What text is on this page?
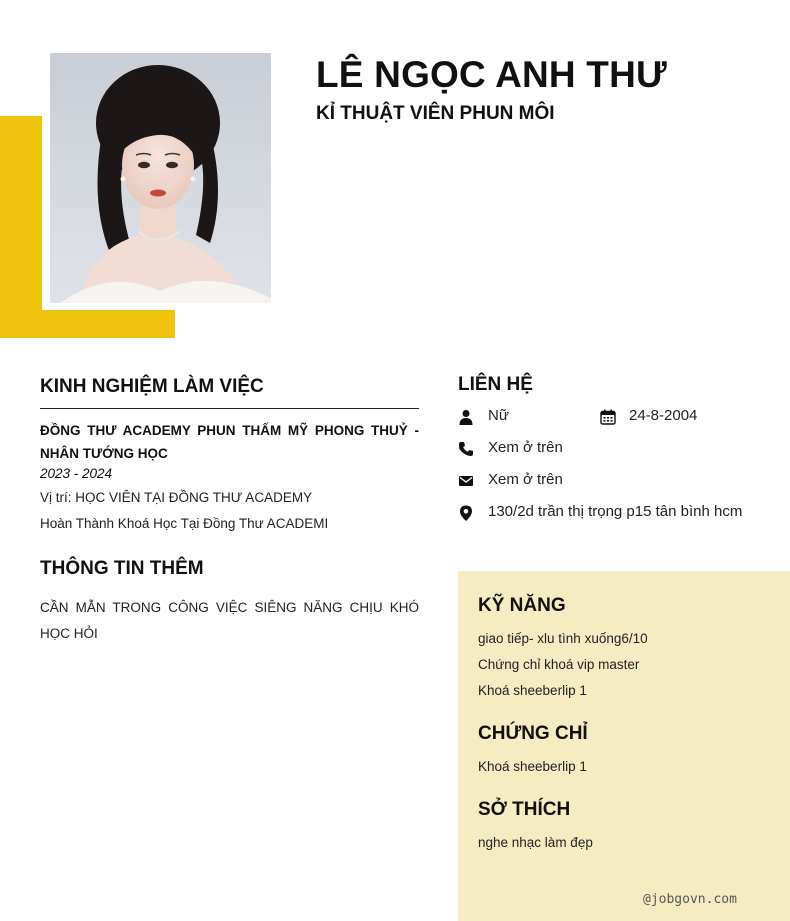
LÊ NGỌC ANH THƯ
KỈ THUẬT VIÊN PHUN MÔI
KINH NGHIỆM LÀM VIỆC
ĐỒNG THƯ ACADEMY PHUN THẤM MỸ PHONG THUỶ - NHÂN TƯỚNG HỌC
2023 - 2024
Vị trí: HỌC VIÊN TẠI ĐỒNG THƯ ACADEMY
Hoàn Thành Khoá Học Tại Đồng Thư ACADEMI
THÔNG TIN THÊM
CẦN MẪN TRONG CÔNG VIỆC SIÊNG NĂNG CHỊU KHÓ HỌC HỎI
LIÊN HỆ
Nữ	24-8-2004
Xem ở trên
Xem ở trên
130/2d trần thị trọng p15 tân bình hcm
KỸ NĂNG
giao tiếp- xlu tình xuống6/10
Chứng chỉ khoá vip master
Khoá sheeberlip 1
CHỨNG CHỈ
Khoá sheeberlip 1
SỞ THÍCH
nghe nhạc làm đẹp
@jobgovn.com
